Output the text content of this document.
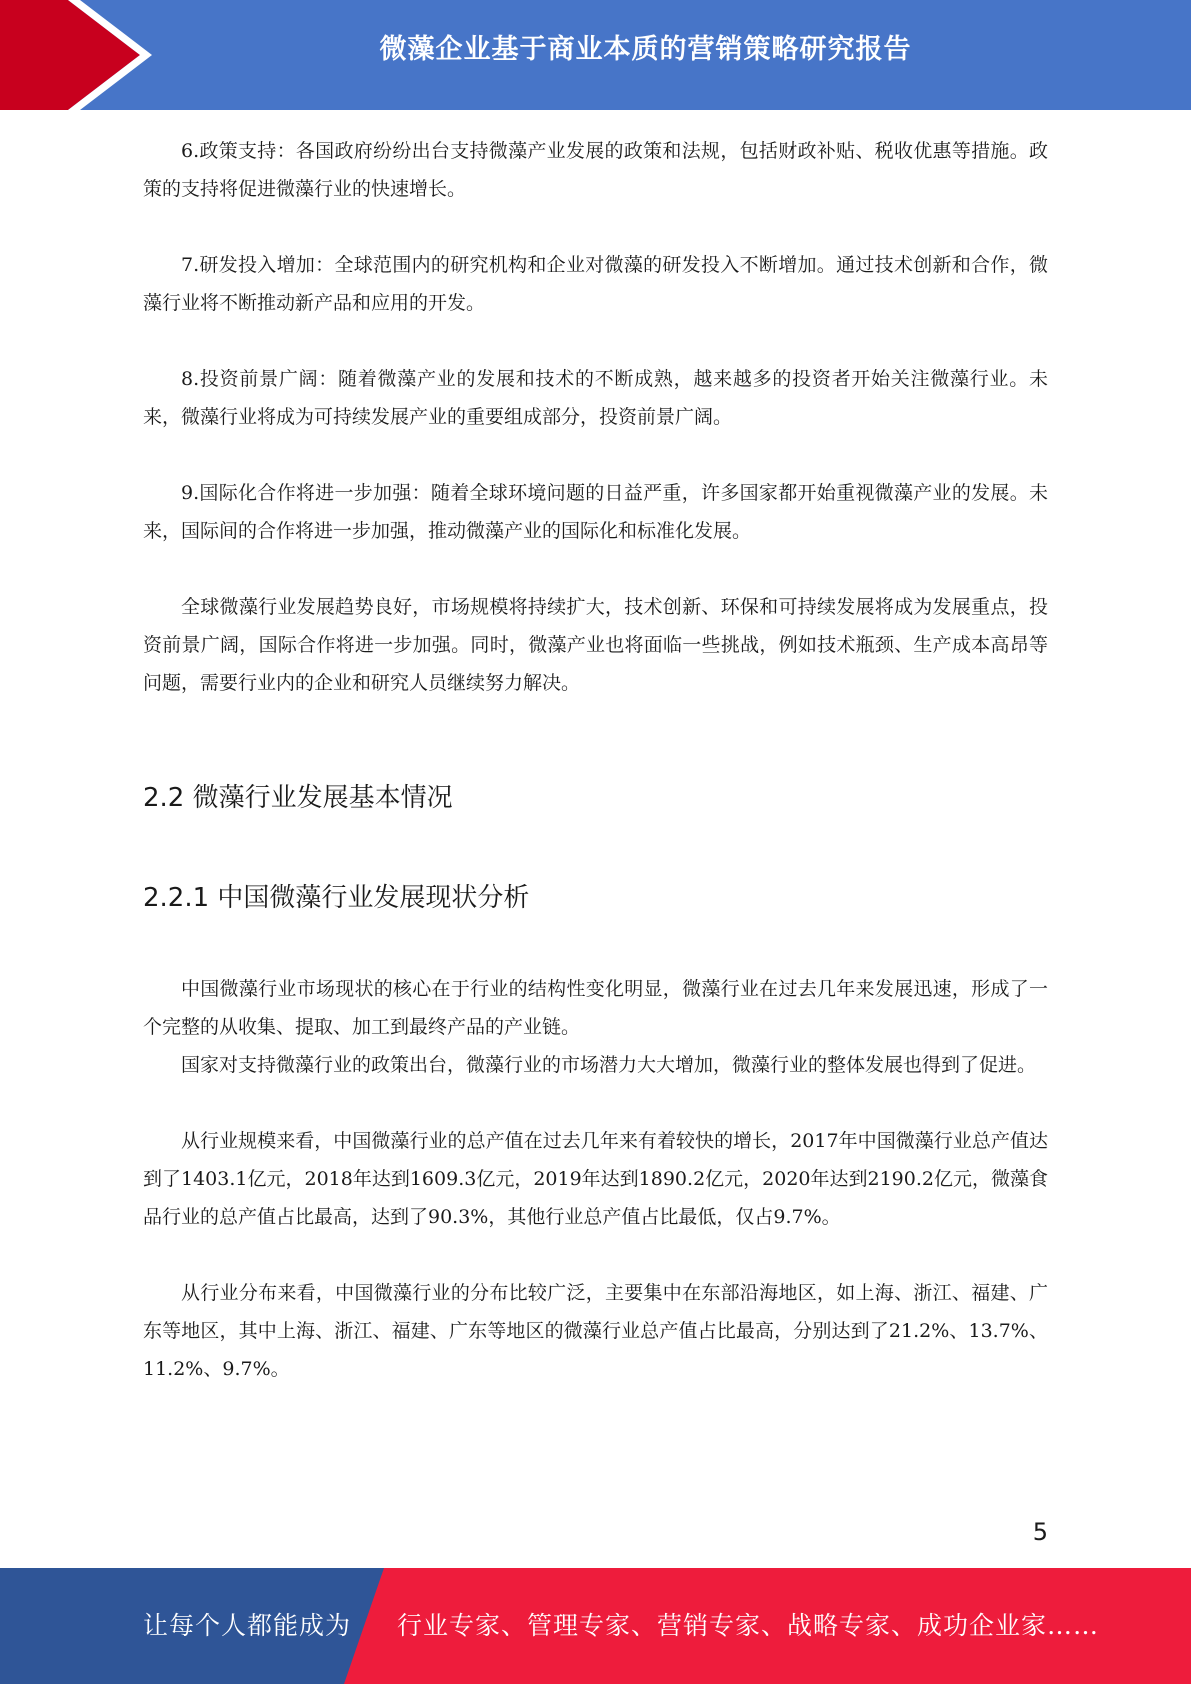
微藻企业基于商业本质的营销策略研究报告

6.政策支持：各国政府纷纷出台支持微藻产业发展的政策和法规，包括财政补贴、税收优惠等措施。政策的支持将促进微藻行业的快速增长。

7.研发投入增加：全球范围内的研究机构和企业对微藻的研发投入不断增加。通过技术创新和合作，微藻行业将不断推动新产品和应用的开发。

8.投资前景广阔：随着微藻产业的发展和技术的不断成熟，越来越多的投资者开始关注微藻行业。未来，微藻行业将成为可持续发展产业的重要组成部分，投资前景广阔。

9.国际化合作将进一步加强：随着全球环境问题的日益严重，许多国家都开始重视微藻产业的发展。未来，国际间的合作将进一步加强，推动微藻产业的国际化和标准化发展。

全球微藻行业发展趋势良好，市场规模将持续扩大，技术创新、环保和可持续发展将成为发展重点，投资前景广阔，国际合作将进一步加强。同时，微藻产业也将面临一些挑战，例如技术瓶颈、生产成本高昂等问题，需要行业内的企业和研究人员继续努力解决。

2.2 微藻行业发展基本情况
2.2.1 中国微藻行业发展现状分析

中国微藻行业市场现状的核心在于行业的结构性变化明显，微藻行业在过去几年来发展迅速，形成了一个完整的从收集、提取、加工到最终产品的产业链。

国家对支持微藻行业的政策出台，微藻行业的市场潜力大大增加，微藻行业的整体发展也得到了促进。

从行业规模来看，中国微藻行业的总产值在过去几年来有着较快的增长，2017年中国微藻行业总产值达到了1403.1亿元，2018年达到1609.3亿元，2019年达到1890.2亿元，2020年达到2190.2亿元，微藻食品行业的总产值占比最高，达到了90.3%，其他行业总产值占比最低，仅占9.7%。

从行业分布来看，中国微藻行业的分布比较广泛，主要集中在东部沿海地区，如上海、浙江、福建、广东等地区，其中上海、浙江、福建、广东等地区的微藻行业总产值占比最高，分别达到了21.2%、13.7%、11.2%、9.7%。

5
让每个人都能成为 行业专家、管理专家、营销专家、战略专家、成功企业家……
